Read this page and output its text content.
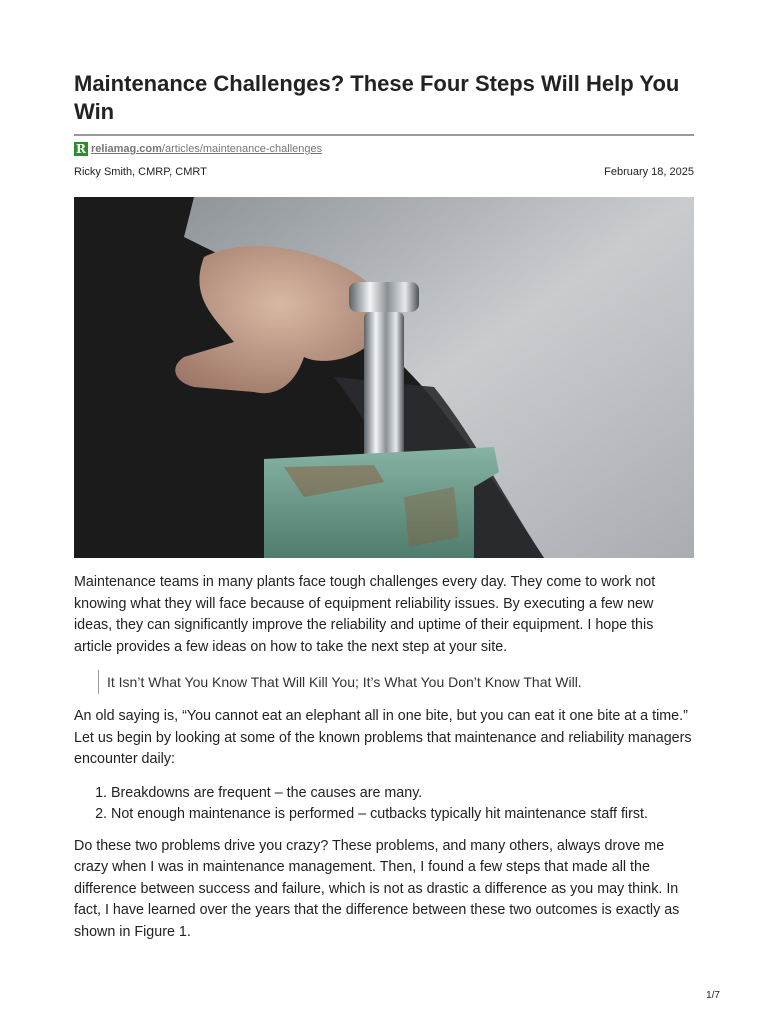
Maintenance Challenges? These Four Steps Will Help You Win
R reliamag.com/articles/maintenance-challenges
Ricky Smith, CMRP, CMRT	February 18, 2025

Maintenance teams in many plants face tough challenges every day. They come to work not knowing what they will face because of equipment reliability issues. By executing a few new ideas, they can significantly improve the reliability and uptime of their equipment. I hope this article provides a few ideas on how to take the next step at your site.

It Isn’t What You Know That Will Kill You; It’s What You Don’t Know That Will.

An old saying is, “You cannot eat an elephant all in one bite, but you can eat it one bite at a time.” Let us begin by looking at some of the known problems that maintenance and reliability managers encounter daily:

1. Breakdowns are frequent – the causes are many.
2. Not enough maintenance is performed – cutbacks typically hit maintenance staff first.

Do these two problems drive you crazy? These problems, and many others, always drove me crazy when I was in maintenance management. Then, I found a few steps that made all the difference between success and failure, which is not as drastic a difference as you may think. In fact, I have learned over the years that the difference between these two outcomes is exactly as shown in Figure 1.

1/7
